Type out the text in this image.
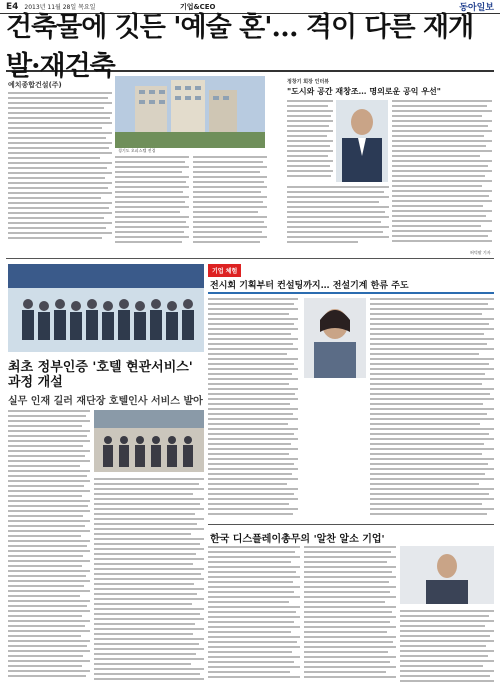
E4 2013년 11월 28일 목요일	기업&CEO	동아일보
건축물에 깃든 '예술 혼'… 격이 다른 재개발·재건축
예치종합건설(주)
경기도 오피스텔 전경
정창기 회장 인터뷰
"도시와 공간 재창조… 명의로운 공익 우선"
허덕팔 기자
기업 체험
전시회 기획부터 컨설팅까지… 전설기계 한류 주도
최초 정부인증 '호텔 현관서비스' 과정 개설
실무 인재 길러 재단장 호텔인사 서비스 발아
한국 디스플레이총무의 '알찬 알소 기업'
